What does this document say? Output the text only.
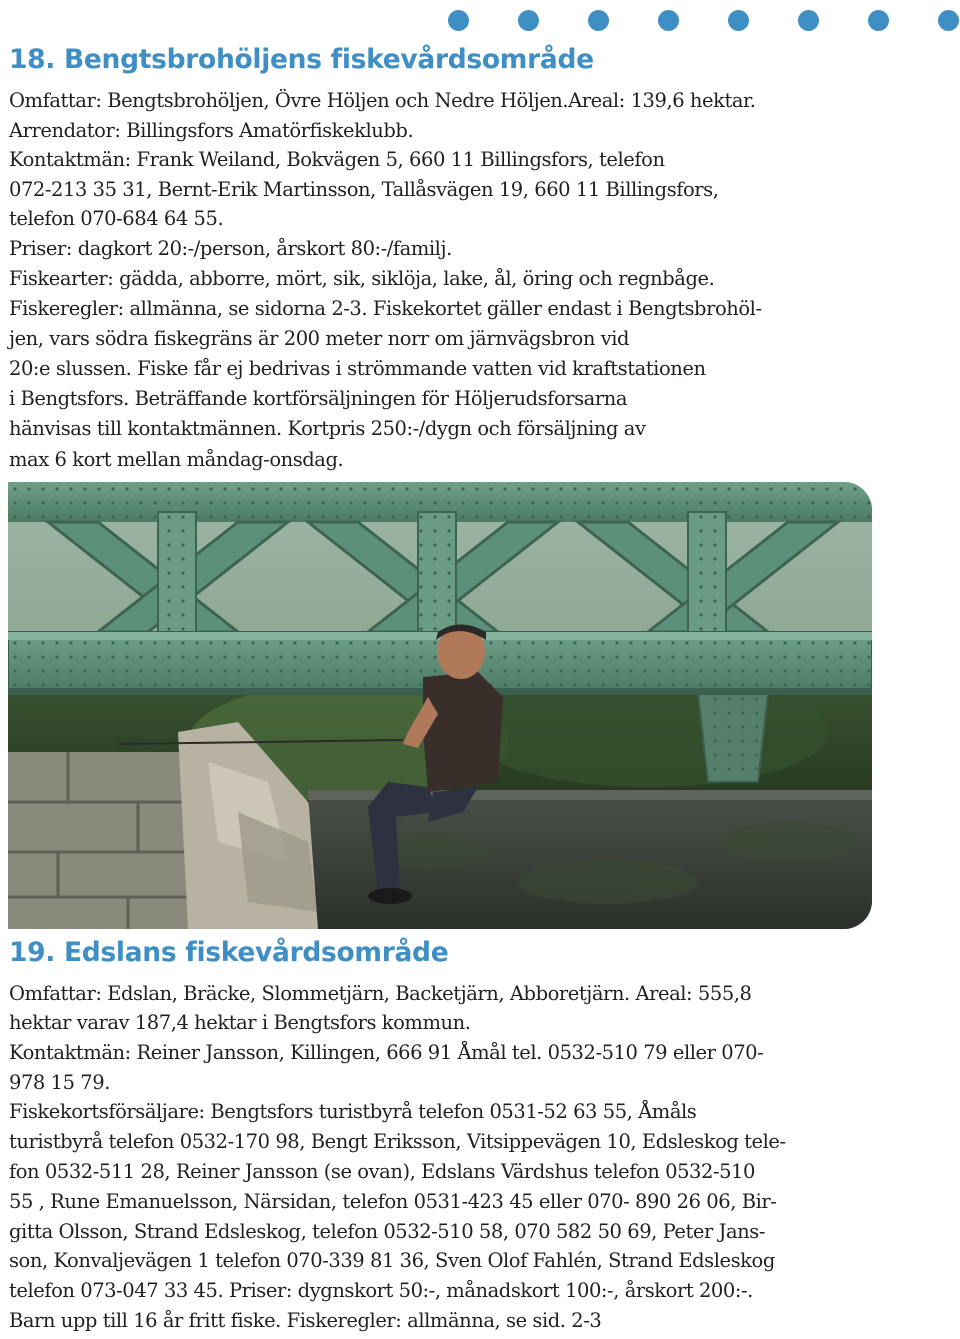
18. Bengtsbrohöljens fiskevårdsområde

Omfattar: Bengtsbrohöljen, Övre Höljen och Nedre Höljen.Areal: 139,6 hektar.

Arrendator: Billingsfors Amatörfiskeklubb.

Kontaktmän: Frank Weiland, Bokvägen 5, 660 11 Billingsfors, telefon

072-213 35 31, Bernt-Erik Martinsson, Tallåsvägen 19, 660 11 Billingsfors,

telefon 070-684 64 55.

Priser: dagkort 20:-/person, årskort 80:-/familj.

Fiskearter: gädda, abborre, mört, sik, siklöja, lake, ål, öring och regnbåge.

Fiskeregler: allmänna, se sidorna 2-3. Fiskekortet gäller endast i Bengtsbrohöl-

jen, vars södra fiskegräns är 200 meter norr om järnvägsbron vid

20:e slussen. Fiske får ej bedrivas i strömmande vatten vid kraftstationen

i Bengtsfors. Beträffande kortförsäljningen för Höljerudsforsarna

hänvisas till kontaktmännen. Kortpris 250:-/dygn och försäljning av

max 6 kort mellan måndag-onsdag.

19. Edslans fiskevårdsområde

Omfattar: Edslan, Bräcke, Slommetjärn, Backetjärn, Abboretjärn. Areal: 555,8

hektar varav 187,4 hektar i Bengtsfors kommun.

Kontaktmän: Reiner Jansson, Killingen, 666 91 Åmål tel. 0532-510 79 eller 070-

978 15 79.

Fiskekortsförsäljare: Bengtsfors turistbyrå telefon 0531-52 63 55, Åmåls

turistbyrå telefon 0532-170 98, Bengt Eriksson, Vitsippevägen 10, Edsleskog tele-

fon 0532-511 28, Reiner Jansson (se ovan), Edslans Värdshus telefon 0532-510

55 , Rune Emanuelsson, Närsidan, telefon 0531-423 45 eller 070- 890 26 06, Bir-

gitta Olsson, Strand Edsleskog, telefon 0532-510 58, 070 582 50 69, Peter Jans-

son, Konvaljevägen 1 telefon 070-339 81 36, Sven Olof Fahlén, Strand Edsleskog

telefon 073-047 33 45. Priser: dygnskort 50:-, månadskort 100:-, årskort 200:-.

Barn upp till 16 år fritt fiske. Fiskeregler: allmänna, se sid. 2-3
